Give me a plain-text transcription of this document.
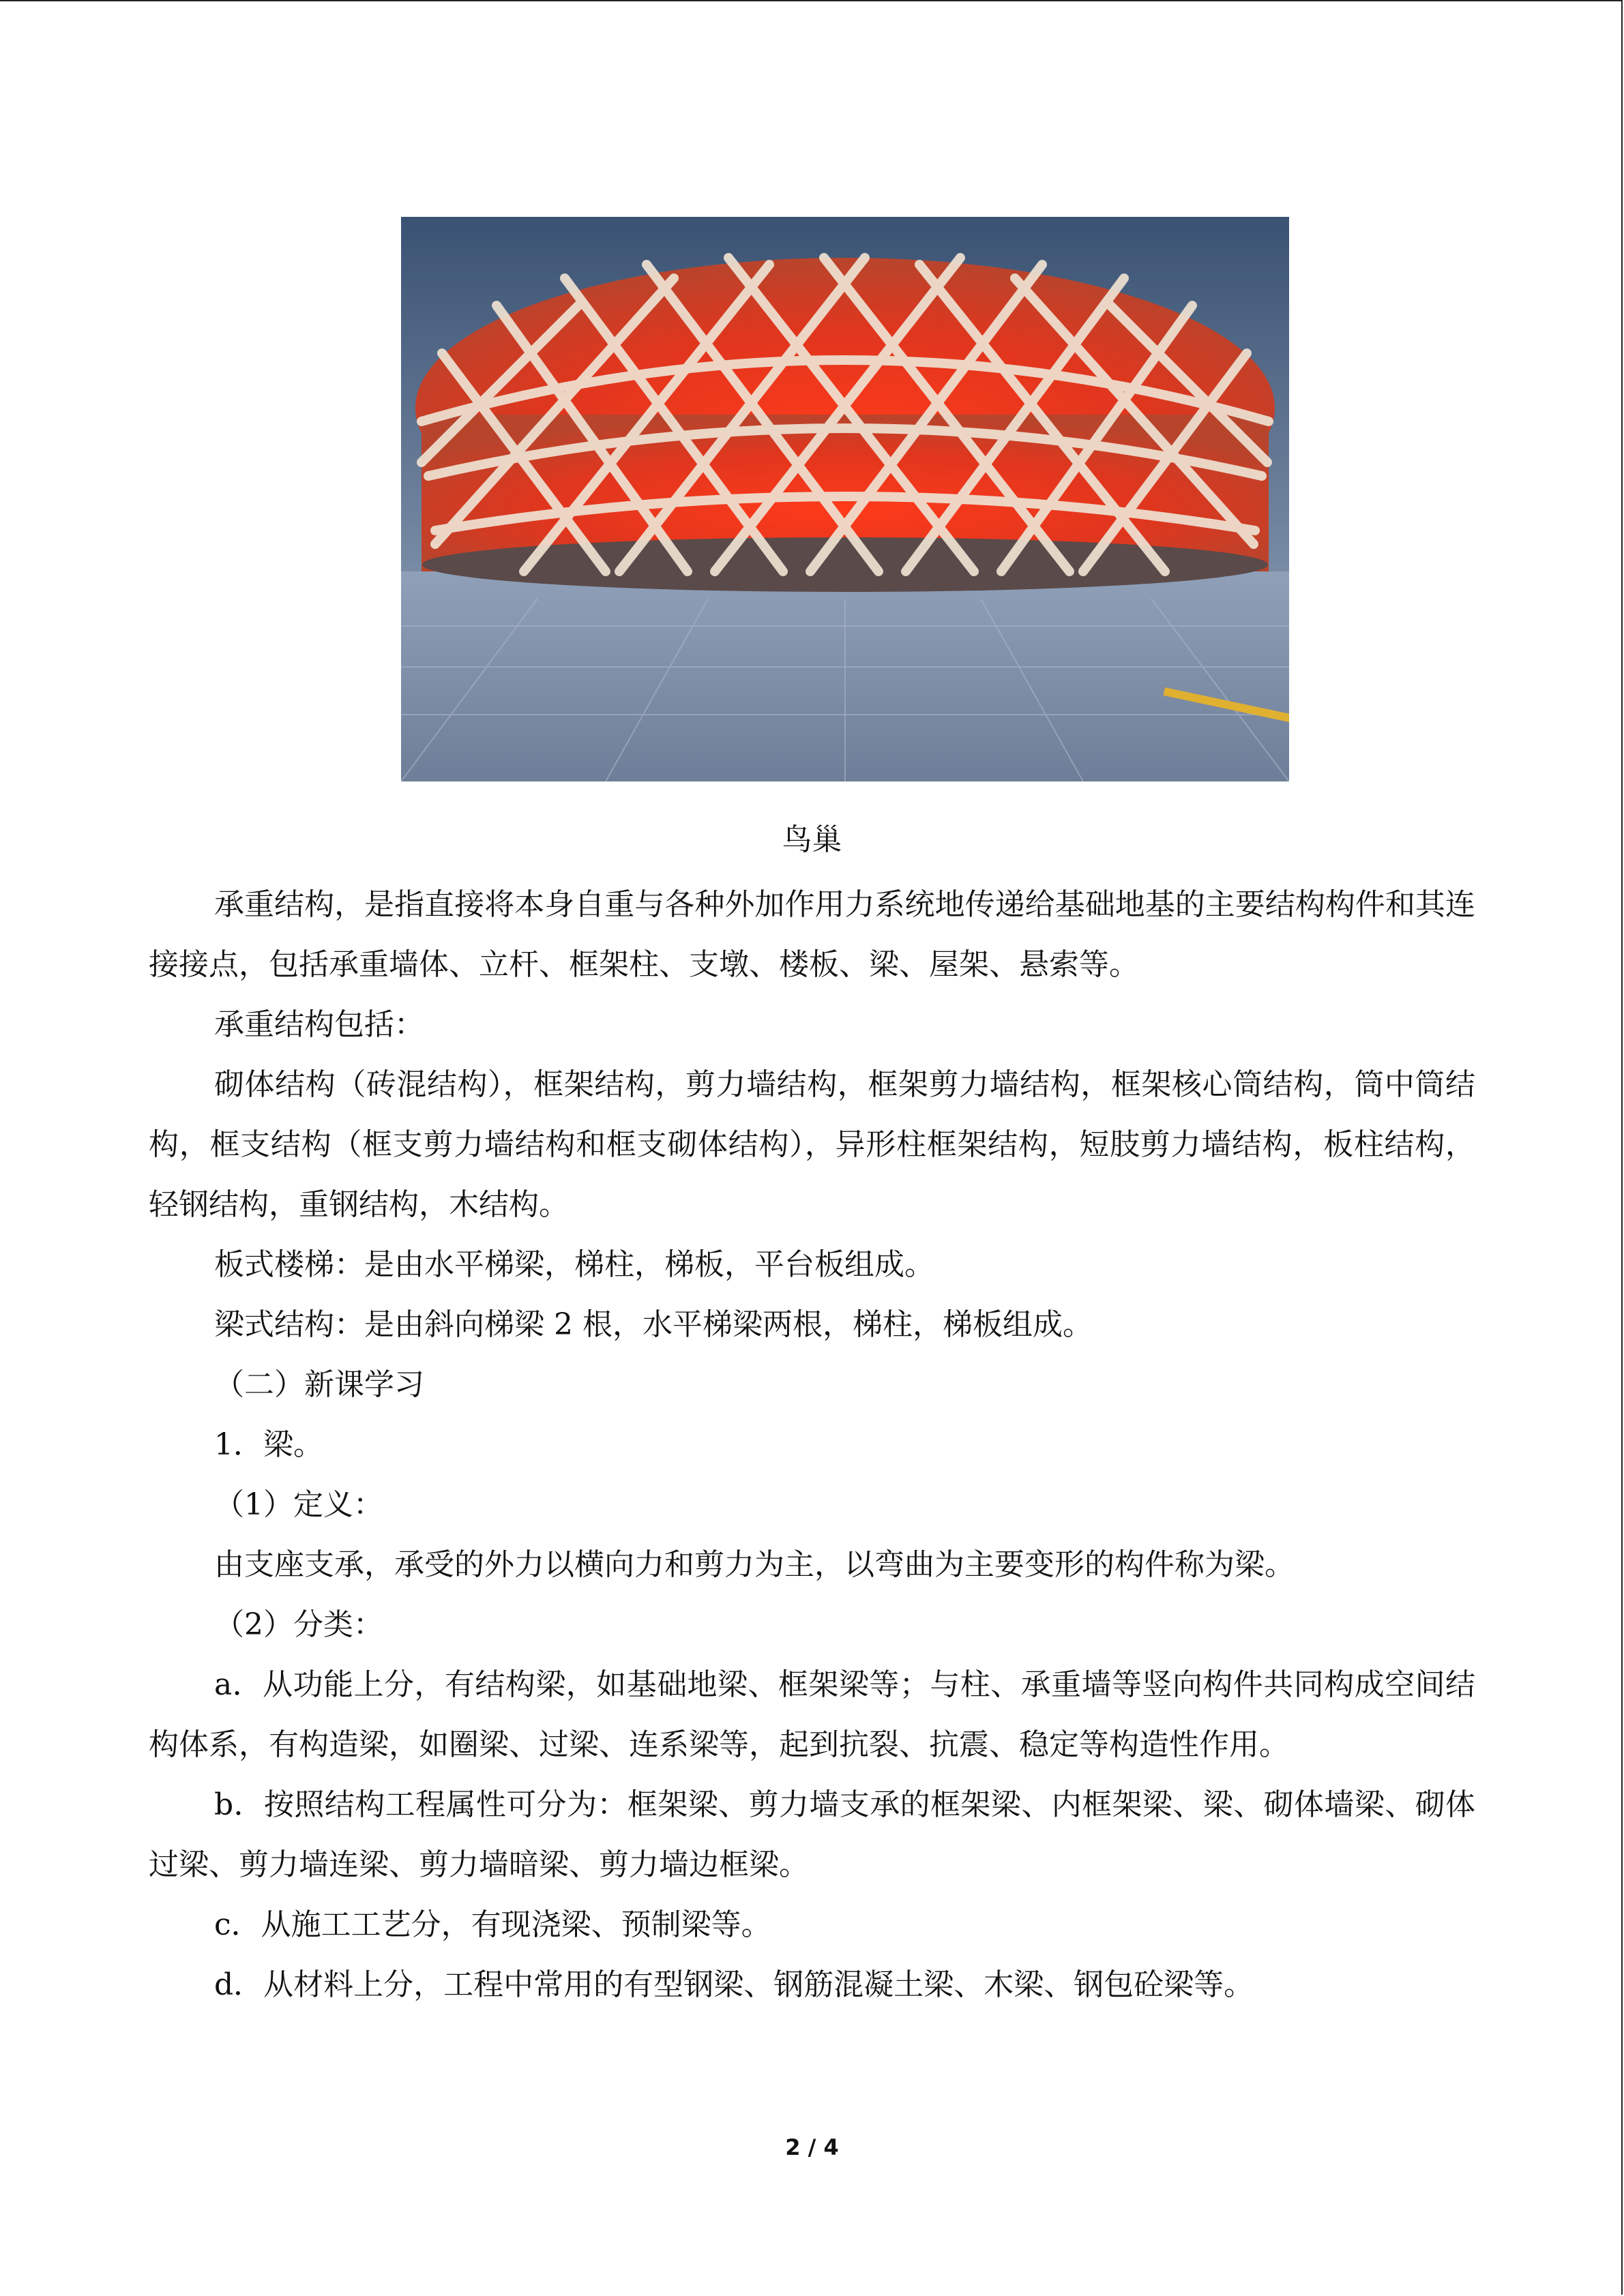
鸟巢

承重结构，是指直接将本身自重与各种外加作用力系统地传递给基础地基的主要结构构件和其连接接点，包括承重墙体、立杆、框架柱、支墩、楼板、梁、屋架、悬索等。

承重结构包括：

砌体结构（砖混结构），框架结构，剪力墙结构，框架剪力墙结构，框架核心筒结构，筒中筒结构，框支结构（框支剪力墙结构和框支砌体结构），异形柱框架结构，短肢剪力墙结构，板柱结构，轻钢结构，重钢结构，木结构。

板式楼梯：是由水平梯梁，梯柱，梯板，平台板组成。

梁式结构：是由斜向梯梁 2 根，水平梯梁两根，梯柱，梯板组成。

（二）新课学习

1．梁。

（1）定义：

由支座支承，承受的外力以横向力和剪力为主，以弯曲为主要变形的构件称为梁。

（2）分类：

a．从功能上分，有结构梁，如基础地梁、框架梁等；与柱、承重墙等竖向构件共同构成空间结构体系，有构造梁，如圈梁、过梁、连系梁等，起到抗裂、抗震、稳定等构造性作用。

b．按照结构工程属性可分为：框架梁、剪力墙支承的框架梁、内框架梁、梁、砌体墙梁、砌体过梁、剪力墙连梁、剪力墙暗梁、剪力墙边框梁。

c．从施工工艺分，有现浇梁、预制梁等。

d．从材料上分，工程中常用的有型钢梁、钢筋混凝土梁、木梁、钢包砼梁等。

2 / 4
